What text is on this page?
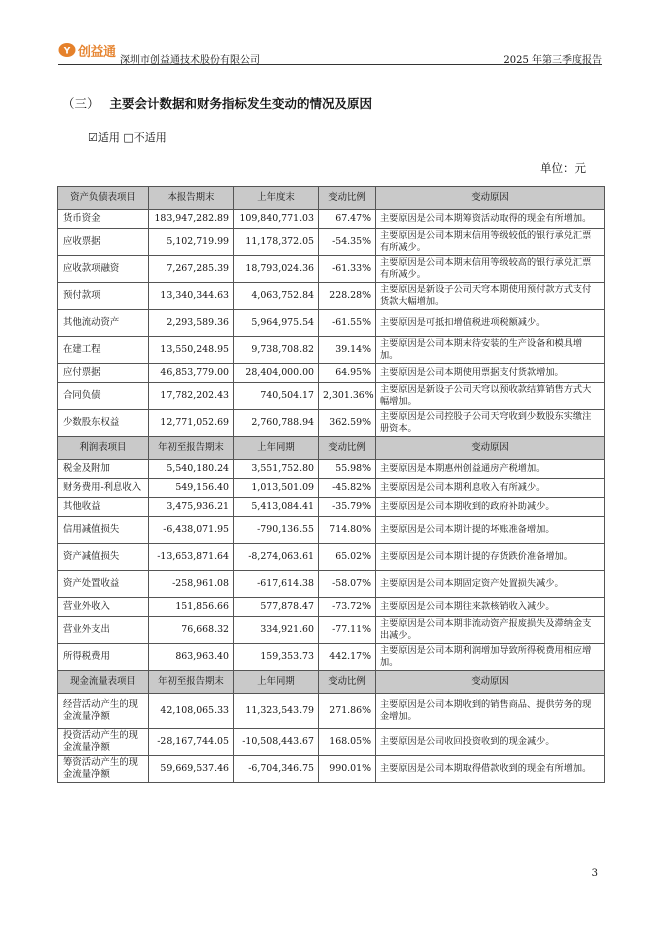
Y 创益通
深圳市创益通技术股份有限公司	2025 年第三季度报告
（三） 主要会计数据和财务指标发生变动的情况及原因
☑适用 □不适用
单位：元
资产负债表项目	本报告期末	上年度末	变动比例	变动原因
货币资金	183,947,282.89	109,840,771.03	67.47%	主要原因是公司本期筹资活动取得的现金有所增加。
应收票据	5,102,719.99	11,178,372.05	-54.35%	主要原因是公司本期末信用等级较低的银行承兑汇票有所减少。
应收款项融资	7,267,285.39	18,793,024.36	-61.33%	主要原因是公司本期末信用等级较高的银行承兑汇票有所减少。
预付款项	13,340,344.63	4,063,752.84	228.28%	主要原因是新设子公司天穹本期使用预付款方式支付货款大幅增加。
其他流动资产	2,293,589.36	5,964,975.54	-61.55%	主要原因是可抵扣增值税进项税额减少。
在建工程	13,550,248.95	9,738,708.82	39.14%	主要原因是公司本期末待安装的生产设备和模具增加。
应付票据	46,853,779.00	28,404,000.00	64.95%	主要原因是公司本期使用票据支付货款增加。
合同负债	17,782,202.43	740,504.17	2,301.36%	主要原因是新设子公司天穹以预收款结算销售方式大幅增加。
少数股东权益	12,771,052.69	2,760,788.94	362.59%	主要原因是公司控股子公司天穹收到少数股东实缴注册资本。
利润表项目	年初至报告期末	上年同期	变动比例	变动原因
税金及附加	5,540,180.24	3,551,752.80	55.98%	主要原因是本期惠州创益通房产税增加。
财务费用-利息收入	549,156.40	1,013,501.09	-45.82%	主要原因是公司本期利息收入有所减少。
其他收益	3,475,936.21	5,413,084.41	-35.79%	主要原因是公司本期收到的政府补助减少。
信用减值损失	-6,438,071.95	-790,136.55	714.80%	主要原因是公司本期计提的坏账准备增加。
资产减值损失	-13,653,871.64	-8,274,063.61	65.02%	主要原因是公司本期计提的存货跌价准备增加。
资产处置收益	-258,961.08	-617,614.38	-58.07%	主要原因是公司本期固定资产处置损失减少。
营业外收入	151,856.66	577,878.47	-73.72%	主要原因是公司本期往来款核销收入减少。
营业外支出	76,668.32	334,921.60	-77.11%	主要原因是公司本期非流动资产报废损失及滞纳金支出减少。
所得税费用	863,963.40	159,353.73	442.17%	主要原因是公司本期利润增加导致所得税费用相应增加。
现金流量表项目	年初至报告期末	上年同期	变动比例	变动原因
经营活动产生的现金流量净额	42,108,065.33	11,323,543.79	271.86%	主要原因是公司本期收到的销售商品、提供劳务的现金增加。
投资活动产生的现金流量净额	-28,167,744.05	-10,508,443.67	168.05%	主要原因是公司收回投资收到的现金减少。
筹资活动产生的现金流量净额	59,669,537.46	-6,704,346.75	990.01%	主要原因是公司本期取得借款收到的现金有所增加。
3
